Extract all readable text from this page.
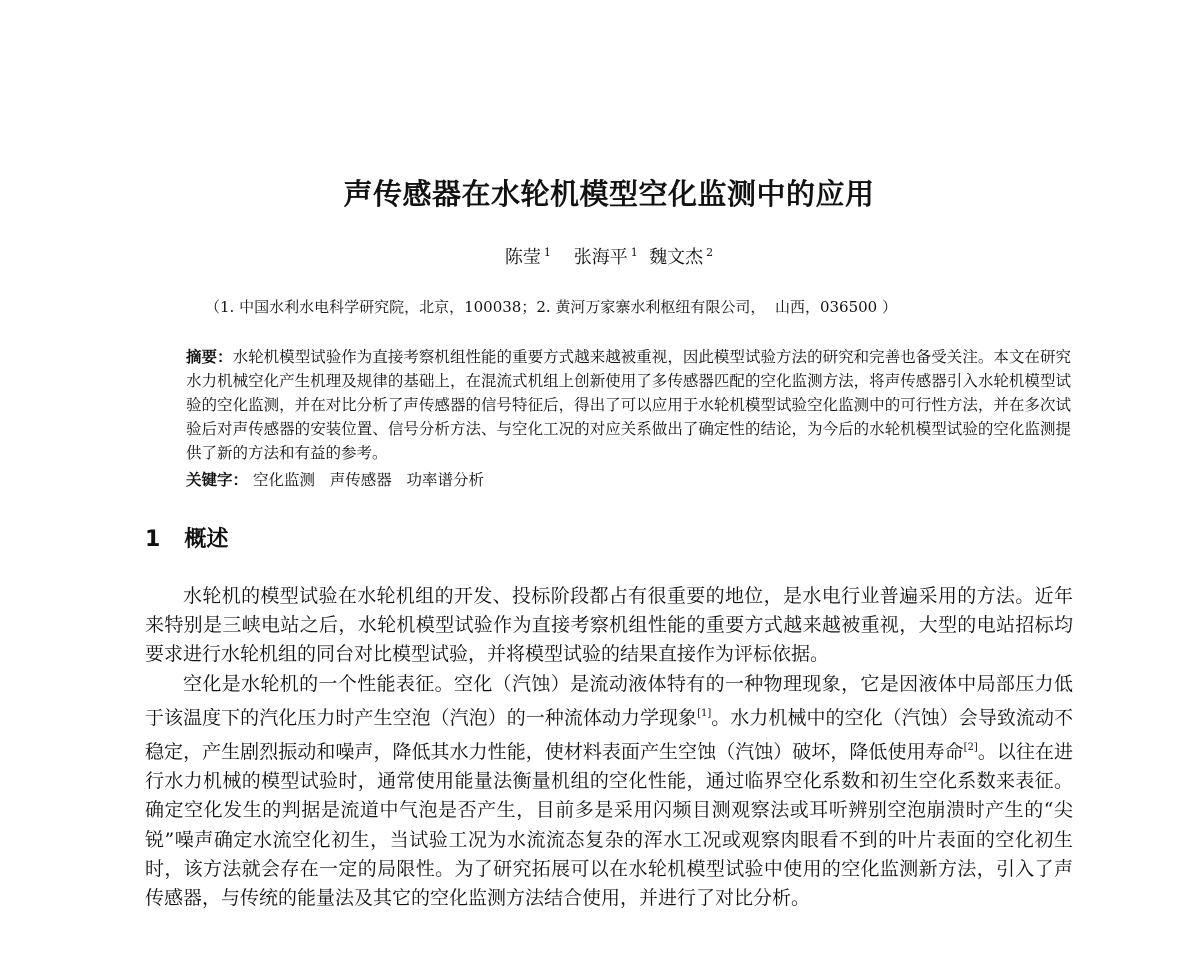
声传感器在水轮机模型空化监测中的应用
陈莹 $^1$ 张海平 $^1$ 魏文杰 $^2$
（1. 中国水利水电科学研究院，北京，100038；2. 黄河万家寨水利枢纽有限公司，  山西，036500 ）
摘要：水轮机模型试验作为直接考察机组性能的重要方式越来越被重视，因此模型试验方法的研究和完善也备受关注。本文在研究水力机械空化产生机理及规律的基础上，在混流式机组上创新使用了多传感器匹配的空化监测方法，将声传感器引入水轮机模型试验的空化监测，并在对比分析了声传感器的信号特征后，得出了可以应用于水轮机模型试验空化监测中的可行性方法，并在多次试验后对声传感器的安装位置、信号分析方法、与空化工况的对应关系做出了确定性的结论，为今后的水轮机模型试验的空化监测提供了新的方法和有益的参考。
关键字： 空化监测 声传感器 功率谱分析
1 概述

水轮机的模型试验在水轮机组的开发、投标阶段都占有很重要的地位，是水电行业普遍采用的方法。近年来特别是三峡电站之后，水轮机模型试验作为直接考察机组性能的重要方式越来越被重视，大型的电站招标均要求进行水轮机组的同台对比模型试验，并将模型试验的结果直接作为评标依据。

空化是水轮机的一个性能表征。空化（汽蚀）是流动液体特有的一种物理现象，它是因液体中局部压力低于该温度下的汽化压力时产生空泡（汽泡）的一种流体动力学现象[1]。水力机械中的空化（汽蚀）会导致流动不稳定，产生剧烈振动和噪声，降低其水力性能，使材料表面产生空蚀（汽蚀）破坏，降低使用寿命[2]。以往在进行水力机械的模型试验时，通常使用能量法衡量机组的空化性能，通过临界空化系数和初生空化系数来表征。确定空化发生的判据是流道中气泡是否产生，目前多是采用闪频目测观察法或耳听辨别空泡崩溃时产生的“尖锐”噪声确定水流空化初生，当试验工况为水流流态复杂的浑水工况或观察肉眼看不到的叶片表面的空化初生时，该方法就会存在一定的局限性。为了研究拓展可以在水轮机模型试验中使用的空化监测新方法，引入了声传感器，与传统的能量法及其它的空化监测方法结合使用，并进行了对比分析。
